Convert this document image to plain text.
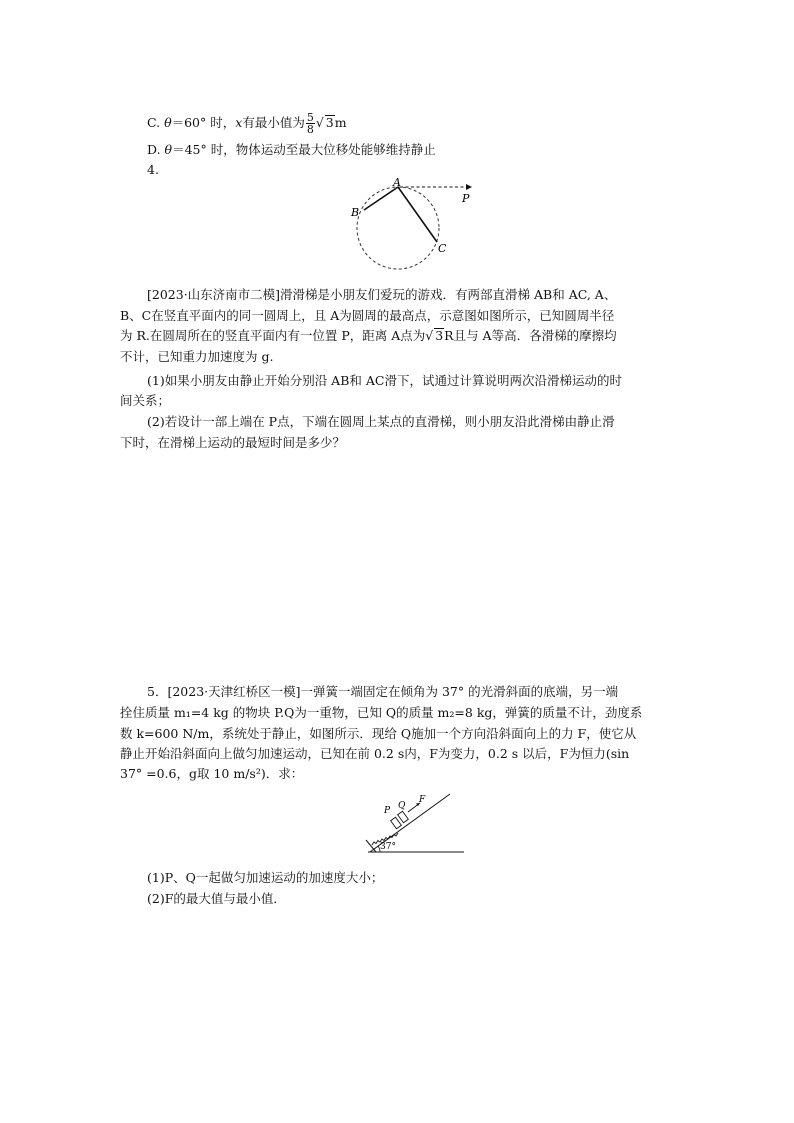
C. θ＝60° 时，x有最小值为 $\frac{5}{8}$ √ 3m
D. θ＝45° 时，物体运动至最大位移处能够维持静止
4.
A
B
C
P
[2023·山东济南市二模]滑滑梯是小朋友们爱玩的游戏．有两部直滑梯 AB和 AC, A、
B、C在竖直平面内的同一圆周上，且 A为圆周的最高点，示意图如图所示，已知圆周半径
为 R.在圆周所在的竖直平面内有一位置 P，距离 A点为√ 3R且与 A等高．各滑梯的摩擦均
不计，已知重力加速度为 g.
(1)如果小朋友由静止开始分别沿 AB和 AC滑下，试通过计算说明两次沿滑梯运动的时
间关系；
(2)若设计一部上端在 P点，下端在圆周上某点的直滑梯，则小朋友沿此滑梯由静止滑
下时，在滑梯上运动的最短时间是多少？
5．[2023·天津红桥区一模]一弹簧一端固定在倾角为 37° 的光滑斜面的底端，另一端
拴住质量 m₁=4 kg 的物块 P.Q为一重物，已知 Q的质量 m₂=8 kg，弹簧的质量不计，劲度系
数 k=600 N/m，系统处于静止，如图所示．现给 Q施加一个方向沿斜面向上的力 F，使它从
静止开始沿斜面向上做匀加速运动，已知在前 0.2 s内，F为变力，0.2 s 以后，F为恒力(sin
37° =0.6，g取 10 m/s²)．求：
P Q
F
37°
(1)P、Q一起做匀加速运动的加速度大小；
(2)F的最大值与最小值．
